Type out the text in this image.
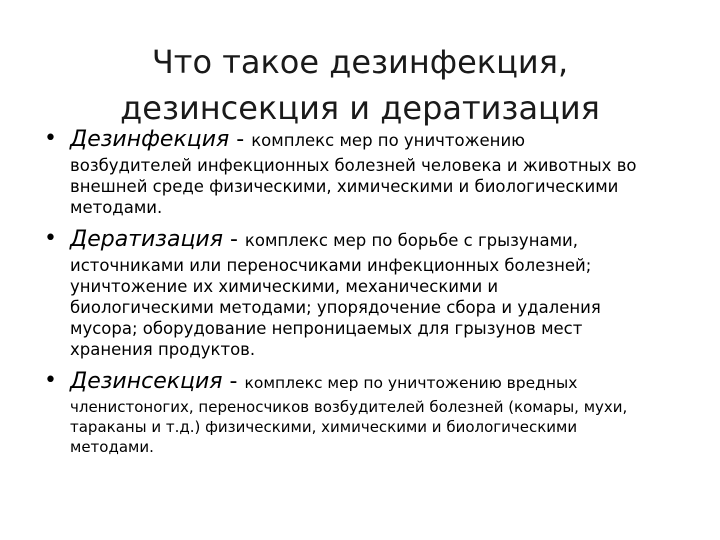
Что такое дезинфекция,
дезинсекция и дератизация
• Дезинфекция - комплекс мер по уничтожению
возбудителей инфекционных болезней человека и животных во
внешней среде физическими, химическими и биологическими
методами.
• Дератизация - комплекс мер по борьбе с грызунами,
источниками или переносчиками инфекционных болезней;
уничтожение их химическими, механическими и
биологическими методами; упорядочение сбора и удаления
мусора; оборудование непроницаемых для грызунов мест
хранения продуктов.
• Дезинсекция - комплекс мер по уничтожению вредных
членистоногих, переносчиков возбудителей болезней (комары, мухи,
тараканы и т.д.) физическими, химическими и биологическими
методами.
